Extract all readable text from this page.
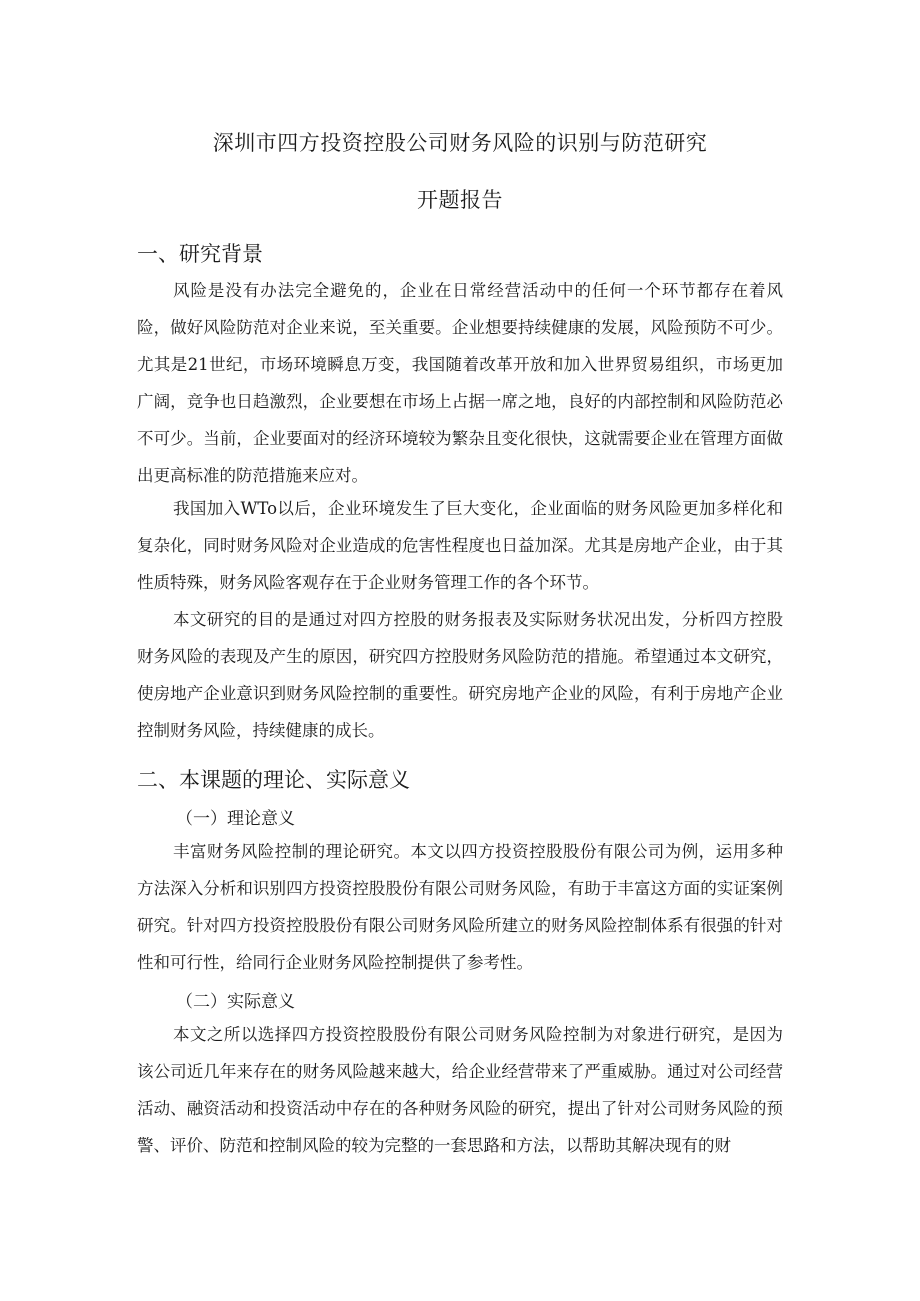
深圳市四方投资控股公司财务风险的识别与防范研究
开题报告
一、研究背景

风险是没有办法完全避免的，企业在日常经营活动中的任何一个环节都存在着风险，做好风险防范对企业来说，至关重要。企业想要持续健康的发展，风险预防不可少。尤其是21世纪，市场环境瞬息万变，我国随着改革开放和加入世界贸易组织，市场更加广阔，竞争也日趋激烈，企业要想在市场上占据一席之地，良好的内部控制和风险防范必不可少。当前，企业要面对的经济环境较为繁杂且变化很快，这就需要企业在管理方面做出更高标准的防范措施来应对。

我国加入WTo以后，企业环境发生了巨大变化，企业面临的财务风险更加多样化和复杂化，同时财务风险对企业造成的危害性程度也日益加深。尤其是房地产企业，由于其性质特殊，财务风险客观存在于企业财务管理工作的各个环节。

本文研究的目的是通过对四方控股的财务报表及实际财务状况出发，分析四方控股财务风险的表现及产生的原因，研究四方控股财务风险防范的措施。希望通过本文研究，使房地产企业意识到财务风险控制的重要性。研究房地产企业的风险，有利于房地产企业控制财务风险，持续健康的成长。

二、本课题的理论、实际意义
（一）理论意义

丰富财务风险控制的理论研究。本文以四方投资控股股份有限公司为例，运用多种方法深入分析和识别四方投资控股股份有限公司财务风险，有助于丰富这方面的实证案例研究。针对四方投资控股股份有限公司财务风险所建立的财务风险控制体系有很强的针对性和可行性，给同行企业财务风险控制提供了参考性。

（二）实际意义

本文之所以选择四方投资控股股份有限公司财务风险控制为对象进行研究，是因为该公司近几年来存在的财务风险越来越大，给企业经营带来了严重威胁。通过对公司经营活动、融资活动和投资活动中存在的各种财务风险的研究，提出了针对公司财务风险的预警、评价、防范和控制风险的较为完整的一套思路和方法，以帮助其解决现有的财
